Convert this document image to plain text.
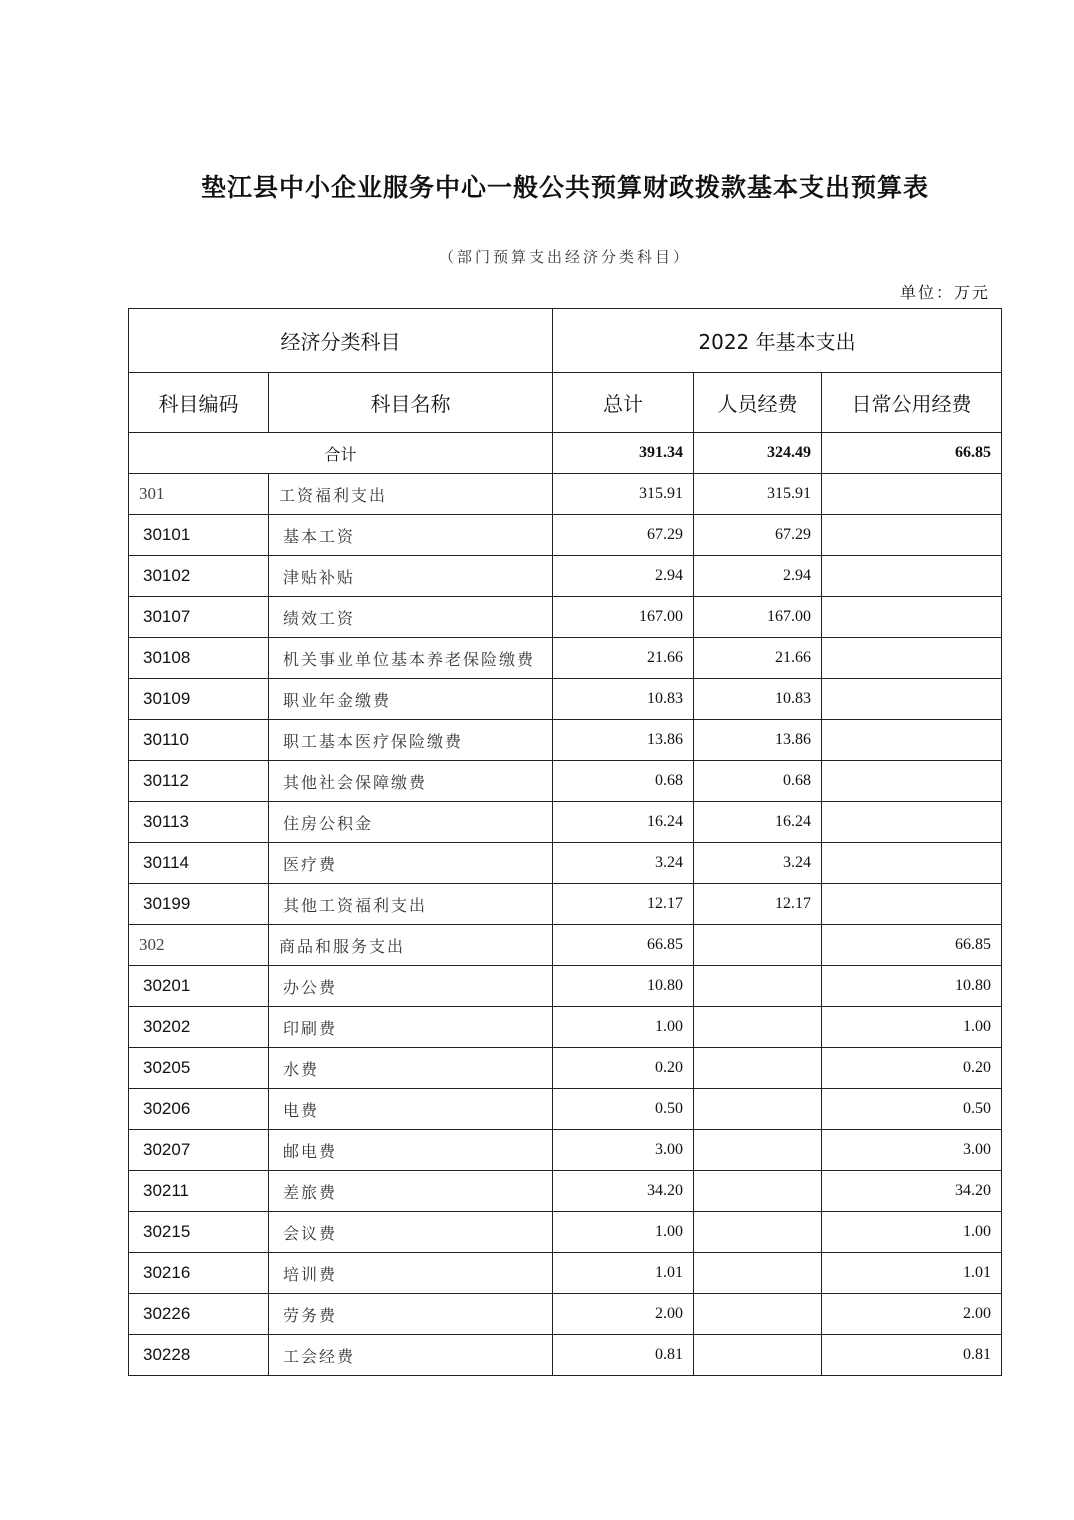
垫江县中小企业服务中心一般公共预算财政拨款基本支出预算表
（部门预算支出经济分类科目）
单位：万元
经济分类科目		2022 年基本支出		
科目编码	科目名称	总计	人员经费	日常公用经费
合计		391.34	324.49	66.85
301	工资福利支出	315.91	315.91	
30101	基本工资	67.29	67.29	
30102	津贴补贴	2.94	2.94	
30107	绩效工资	167.00	167.00	
30108	机关事业单位基本养老保险缴费	21.66	21.66	
30109	职业年金缴费	10.83	10.83	
30110	职工基本医疗保险缴费	13.86	13.86	
30112	其他社会保障缴费	0.68	0.68	
30113	住房公积金	16.24	16.24	
30114	医疗费	3.24	3.24	
30199	其他工资福利支出	12.17	12.17	
302	商品和服务支出	66.85		66.85
30201	办公费	10.80		10.80
30202	印刷费	1.00		1.00
30205	水费	0.20		0.20
30206	电费	0.50		0.50
30207	邮电费	3.00		3.00
30211	差旅费	34.20		34.20
30215	会议费	1.00		1.00
30216	培训费	1.01		1.01
30226	劳务费	2.00		2.00
30228	工会经费	0.81		0.81
